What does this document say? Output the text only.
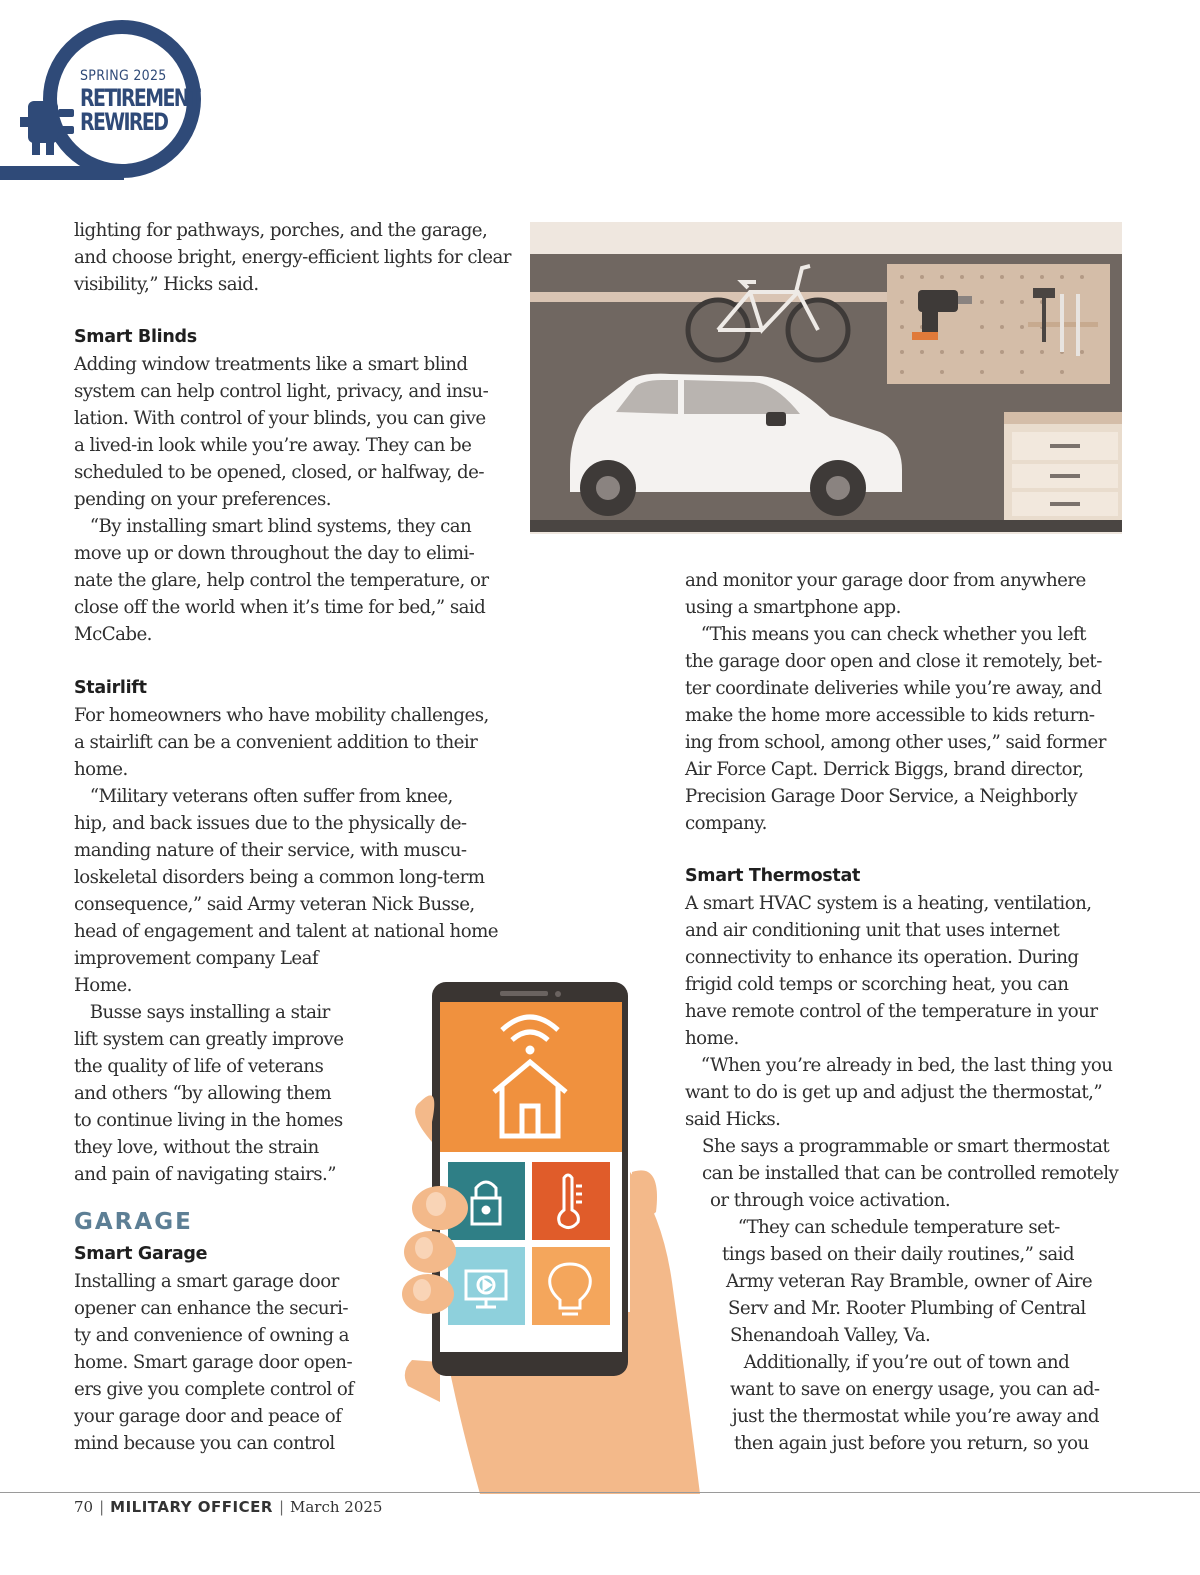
SPRING 2025
RETIREMENT
REWIRED
lighting for pathways, porches, and the garage,
and choose bright, energy-efficient lights for clear
visibility,” Hicks said.
Smart Blinds
Adding window treatments like a smart blind
system can help control light, privacy, and insu-
lation. With control of your blinds, you can give
a lived-in look while you’re away. They can be
scheduled to be opened, closed, or halfway, de-
pending on your preferences.
“By installing smart blind systems, they can
move up or down throughout the day to elimi-
nate the glare, help control the temperature, or
close off the world when it’s time for bed,” said
McCabe.
Stairlift
For homeowners who have mobility challenges,
a stairlift can be a convenient addition to their
home.
“Military veterans often suffer from knee,
hip, and back issues due to the physically de-
manding nature of their service, with muscu-
loskeletal disorders being a common long-term
consequence,” said Army veteran Nick Busse,
head of engagement and talent at national home
improvement company Leaf
Home.
Busse says installing a stair
lift system can greatly improve
the quality of life of veterans
and others “by allowing them
to continue living in the homes
they love, without the strain
and pain of navigating stairs.”
GARAGE
Smart Garage
Installing a smart garage door
opener can enhance the securi-
ty and convenience of owning a
home. Smart garage door open-
ers give you complete control of
your garage door and peace of
mind because you can control
and monitor your garage door from anywhere
using a smartphone app.
“This means you can check whether you left
the garage door open and close it remotely, bet-
ter coordinate deliveries while you’re away, and
make the home more accessible to kids return-
ing from school, among other uses,” said former
Air Force Capt. Derrick Biggs, brand director,
Precision Garage Door Service, a Neighborly
company.
Smart Thermostat
A smart HVAC system is a heating, ventilation,
and air conditioning unit that uses internet
connectivity to enhance its operation. During
frigid cold temps or scorching heat, you can
have remote control of the temperature in your
home.
“When you’re already in bed, the last thing you
want to do is get up and adjust the thermostat,”
said Hicks.
She says a programmable or smart thermostat
can be installed that can be controlled remotely
or through voice activation.
“They can schedule temperature set-
tings based on their daily routines,” said
Army veteran Ray Bramble, owner of Aire
Serv and Mr. Rooter Plumbing of Central
Shenandoah Valley, Va.
Additionally, if you’re out of town and
want to save on energy usage, you can ad-
just the thermostat while you’re away and
then again just before you return, so you
70 | MILITARY OFFICER | March 2025
